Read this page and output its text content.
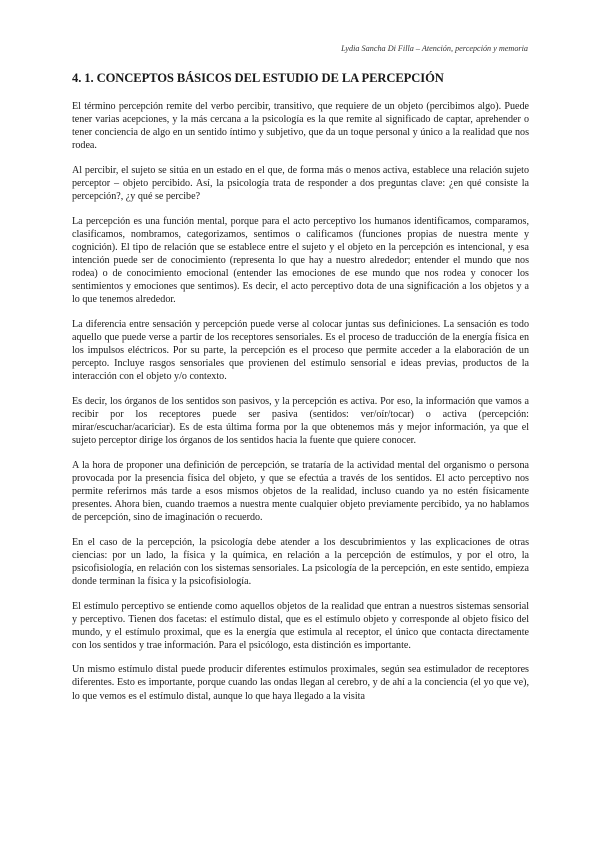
Lydia Sancha Di Filla – Atención, percepción y memoria
4. 1. CONCEPTOS BÁSICOS DEL ESTUDIO DE LA PERCEPCIÓN

El término percepción remite del verbo percibir, transitivo, que requiere de un objeto (percibimos algo). Puede tener varias acepciones, y la más cercana a la psicología es la que remite al significado de captar, aprehender o tener conciencia de algo en un sentido íntimo y subjetivo, que da un toque personal y único a la realidad que nos rodea.

Al percibir, el sujeto se sitúa en un estado en el que, de forma más o menos activa, establece una relación sujeto perceptor – objeto percibido. Así, la psicología trata de responder a dos preguntas clave: ¿en qué consiste la percepción?, ¿y qué se percibe?

La percepción es una función mental, porque para el acto perceptivo los humanos identificamos, comparamos, clasificamos, nombramos, categorizamos, sentimos o calificamos (funciones propias de nuestra mente y cognición). El tipo de relación que se establece entre el sujeto y el objeto en la percepción es intencional, y esa intención puede ser de conocimiento (representa lo que hay a nuestro alrededor; entender el mundo que nos rodea) o de conocimiento emocional (entender las emociones de ese mundo que nos rodea y conocer los sentimientos y emociones que sentimos). Es decir, el acto perceptivo dota de una significación a los objetos y a lo que tenemos alrededor.

La diferencia entre sensación y percepción puede verse al colocar juntas sus definiciones. La sensación es todo aquello que puede verse a partir de los receptores sensoriales. Es el proceso de traducción de la energía física en los impulsos eléctricos. Por su parte, la percepción es el proceso que permite acceder a la elaboración de un percepto. Incluye rasgos sensoriales que provienen del estímulo sensorial e ideas previas, productos de la interacción con el objeto y/o contexto.

Es decir, los órganos de los sentidos son pasivos, y la percepción es activa. Por eso, la información que vamos a recibir por los receptores puede ser pasiva (sentidos: ver/oír/tocar) o activa (percepción: mirar/escuchar/acariciar). Es de esta última forma por la que obtenemos más y mejor información, ya que el sujeto perceptor dirige los órganos de los sentidos hacia la fuente que quiere conocer.

A la hora de proponer una definición de percepción, se trataría de la actividad mental del organismo o persona provocada por la presencia física del objeto, y que se efectúa a través de los sentidos. El acto perceptivo nos permite referirnos más tarde a esos mismos objetos de la realidad, incluso cuando ya no estén físicamente presentes. Ahora bien, cuando traemos a nuestra mente cualquier objeto previamente percibido, ya no hablamos de percepción, sino de imaginación o recuerdo.

En el caso de la percepción, la psicología debe atender a los descubrimientos y las explicaciones de otras ciencias: por un lado, la física y la química, en relación a la percepción de estímulos, y por el otro, la psicofisiología, en relación con los sistemas sensoriales. La psicología de la percepción, en este sentido, empieza donde terminan la física y la psicofisiología.

El estímulo perceptivo se entiende como aquellos objetos de la realidad que entran a nuestros sistemas sensorial y perceptivo. Tienen dos facetas: el estímulo distal, que es el estímulo objeto y corresponde al objeto físico del mundo, y el estímulo proximal, que es la energía que estimula al receptor, el único que contacta directamente con los sentidos y trae información. Para el psicólogo, esta distinción es importante.

Un mismo estímulo distal puede producir diferentes estímulos proximales, según sea estimulador de receptores diferentes. Esto es importante, porque cuando las ondas llegan al cerebro, y de ahí a la conciencia (el yo que ve), lo que vemos es el estímulo distal, aunque lo que haya llegado a la visita
